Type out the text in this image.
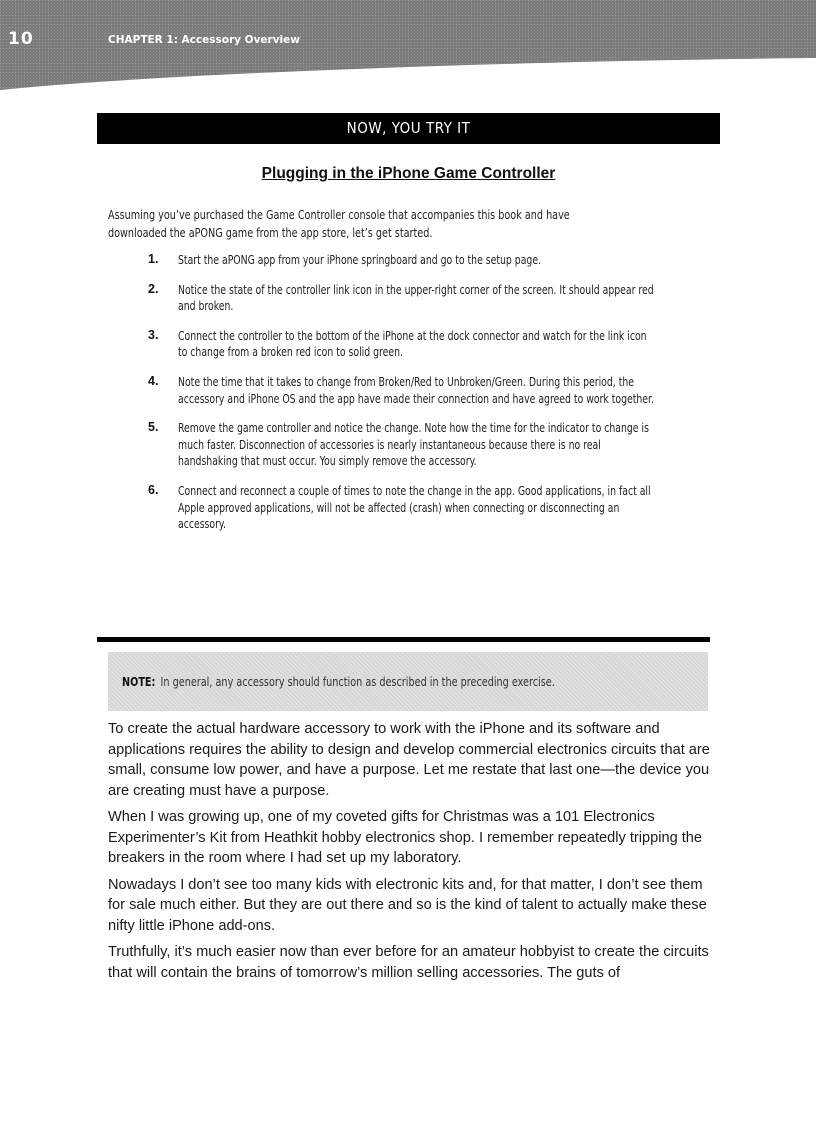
10	CHAPTER 1: Accessory Overview
NOW, YOU TRY IT
Plugging in the iPhone Game Controller
Assuming you’ve purchased the Game Controller console that accompanies this book and have downloaded the aPONG game from the app store, let’s get started.
1. Start the aPONG app from your iPhone springboard and go to the setup page.
2. Notice the state of the controller link icon in the upper-right corner of the screen. It should appear red and broken.
3. Connect the controller to the bottom of the iPhone at the dock connector and watch for the link icon to change from a broken red icon to solid green.
4. Note the time that it takes to change from Broken/Red to Unbroken/Green. During this period, the accessory and iPhone OS and the app have made their connection and have agreed to work together.
5. Remove the game controller and notice the change. Note how the time for the indicator to change is much faster. Disconnection of accessories is nearly instantaneous because there is no real handshaking that must occur. You simply remove the accessory.
6. Connect and reconnect a couple of times to note the change in the app. Good applications, in fact all Apple approved applications, will not be affected (crash) when connecting or disconnecting an accessory.
NOTE: In general, any accessory should function as described in the preceding exercise.

To create the actual hardware accessory to work with the iPhone and its software and applications requires the ability to design and develop commercial electronics circuits that are small, consume low power, and have a purpose. Let me restate that last one—the device you are creating must have a purpose.

When I was growing up, one of my coveted gifts for Christmas was a 101 Electronics Experimenter’s Kit from Heathkit hobby electronics shop. I remember repeatedly tripping the breakers in the room where I had set up my laboratory.

Nowadays I don’t see too many kids with electronic kits and, for that matter, I don’t see them for sale much either. But they are out there and so is the kind of talent to actually make these nifty little iPhone add-ons.

Truthfully, it’s much easier now than ever before for an amateur hobbyist to create the circuits that will contain the brains of tomorrow’s million selling accessories. The guts of
